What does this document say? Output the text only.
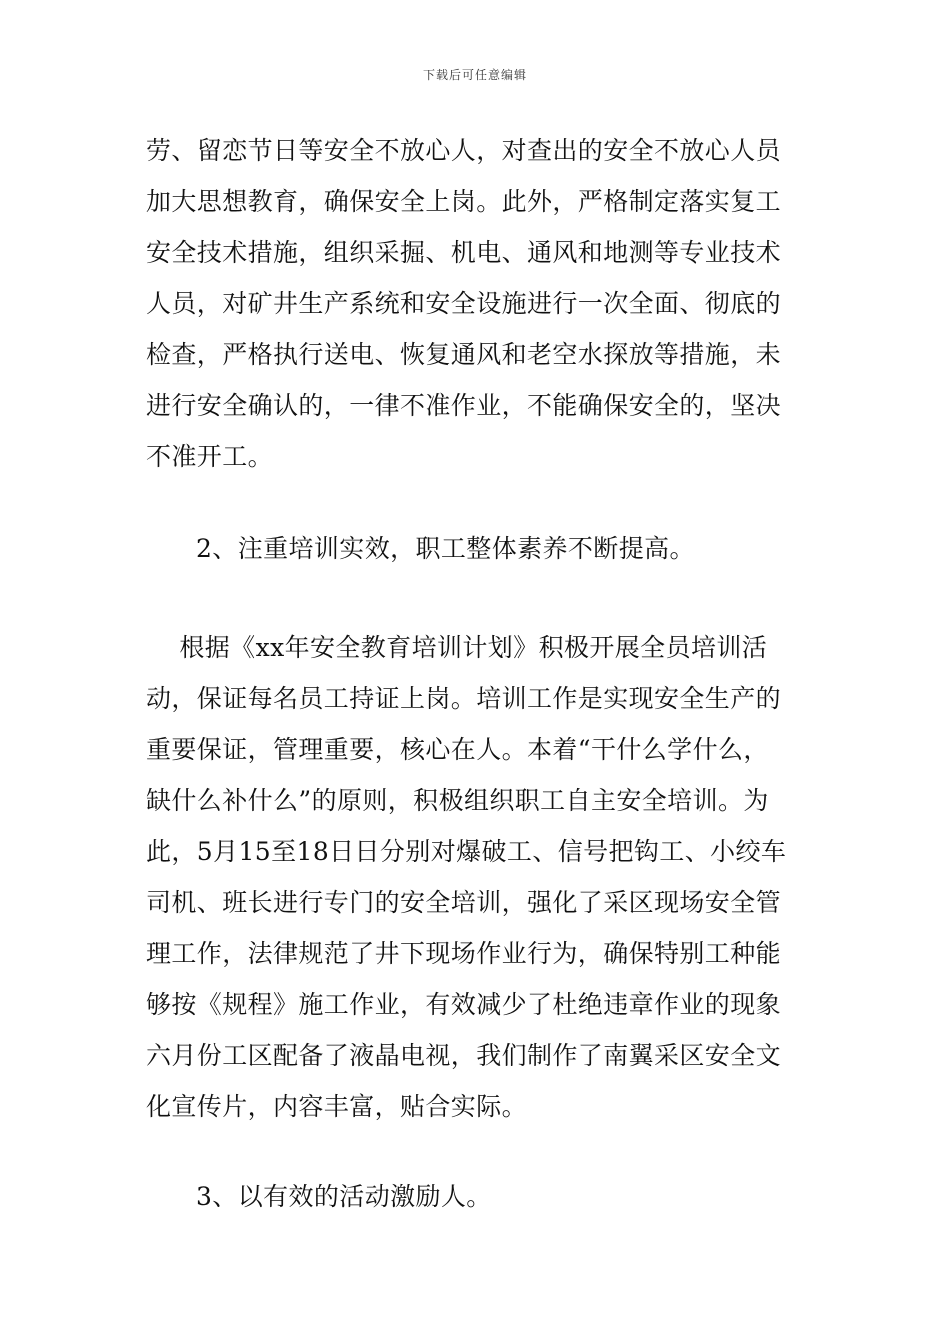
下载后可任意编辑
劳、留恋节日等安全不放心人，对查出的安全不放心人员
加大思想教育，确保安全上岗。此外，严格制定落实复工
安全技术措施，组织采掘、机电、通风和地测等专业技术
人员，对矿井生产系统和安全设施进行一次全面、彻底的
检查，严格执行送电、恢复通风和老空水探放等措施，未
进行安全确认的，一律不准作业，不能确保安全的，坚决
不准开工。
2、注重培训实效，职工整体素养不断提高。
根据《xx年安全教育培训计划》积极开展全员培训活
动，保证每名员工持证上岗。培训工作是实现安全生产的
重要保证，管理重要，核心在人。本着“干什么学什么，
缺什么补什么”的原则，积极组织职工自主安全培训。为
此，5月15至18日日分别对爆破工、信号把钩工、小绞车
司机、班长进行专门的安全培训，强化了采区现场安全管
理工作，法律规范了井下现场作业行为，确保特别工种能
够按《规程》施工作业，有效减少了杜绝违章作业的现象
六月份工区配备了液晶电视，我们制作了南翼采区安全文
化宣传片，内容丰富，贴合实际。
3、以有效的活动激励人。
